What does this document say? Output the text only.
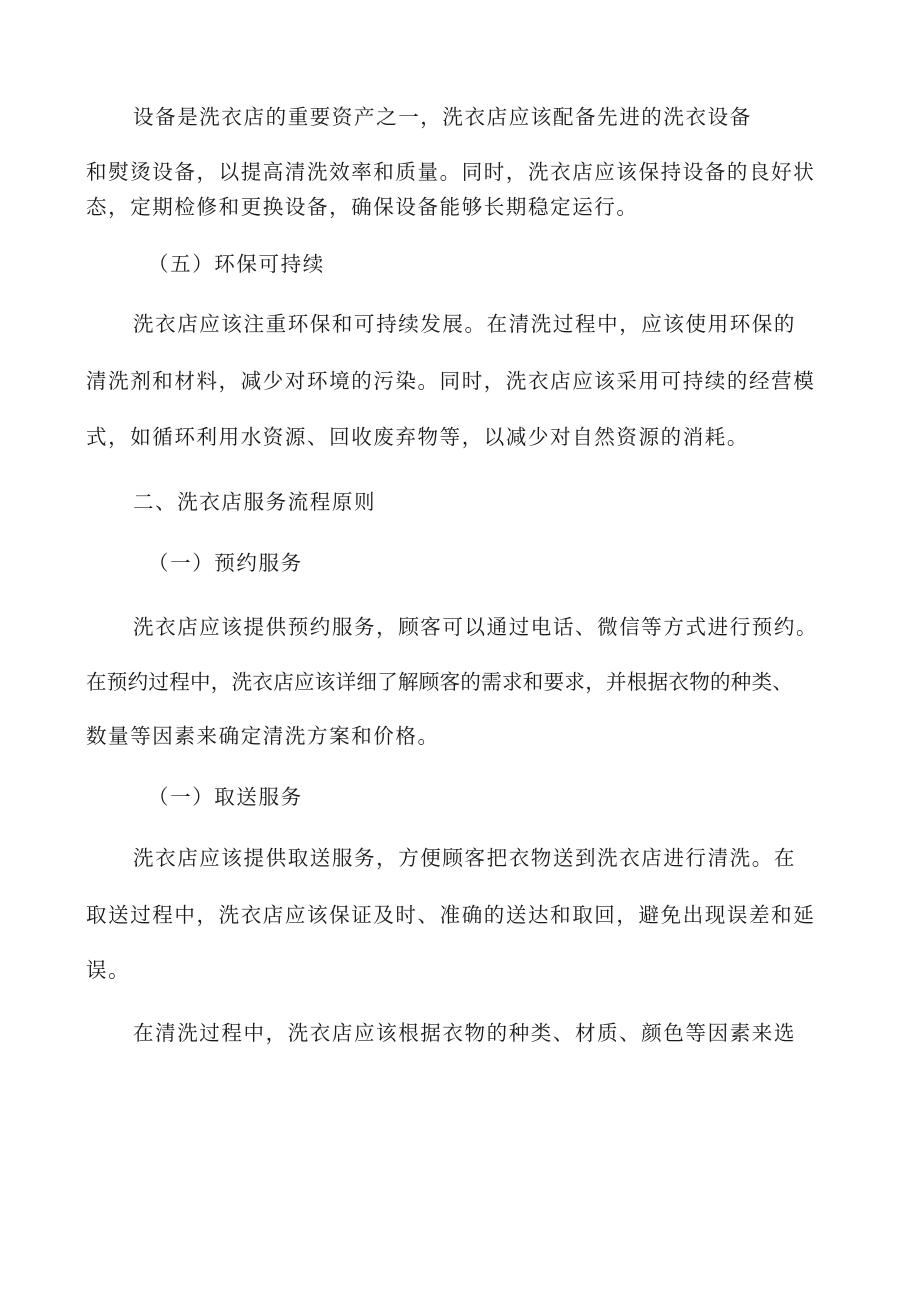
设备是洗衣店的重要资产之一，洗衣店应该配备先进的洗衣设备
和熨烫设备，以提高清洗效率和质量。同时，洗衣店应该保持设备的良好状
态，定期检修和更换设备，确保设备能够长期稳定运行。
（五）环保可持续
洗衣店应该注重环保和可持续发展。在清洗过程中，应该使用环保的
清洗剂和材料，减少对环境的污染。同时，洗衣店应该采用可持续的经营模
式，如循环利用水资源、回收废弃物等，以减少对自然资源的消耗。
二、洗衣店服务流程原则
（一）预约服务
洗衣店应该提供预约服务，顾客可以通过电话、微信等方式进行预约。
在预约过程中，洗衣店应该详细了解顾客的需求和要求，并根据衣物的种类、
数量等因素来确定清洗方案和价格。
（一）取送服务
洗衣店应该提供取送服务，方便顾客把衣物送到洗衣店进行清洗。在
取送过程中，洗衣店应该保证及时、准确的送达和取回，避免出现误差和延
误。
在清洗过程中，洗衣店应该根据衣物的种类、材质、颜色等因素来选
